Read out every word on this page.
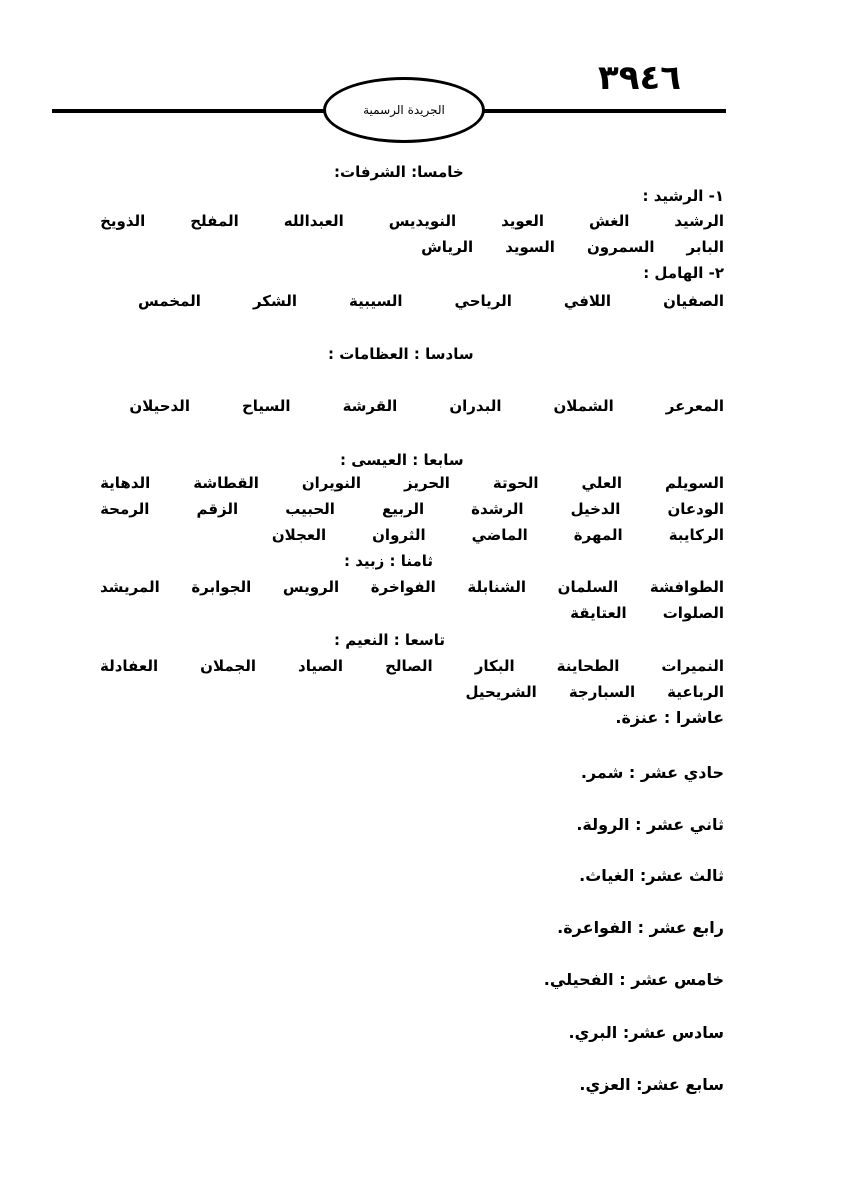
٣٩٤٦
الجريدة الرسمية
خامسا: الشرفات:
١- الرشيد :
الرشيد
الغش
العويد
النويديس
العبدالله
المفلح
الذويخ
البابر
السمرون
السويد
الرياش
٢- الهامل :
الصفيان
اللافي
الرياحي
السيبية
الشكر
المخمس
سادسا : العظامات :
المعرعر
الشملان
البدران
القرشة
السياح
الدحيلان
سابعا : العيسى :
السويلم
العلي
الحوتة
الحريز
النويران
القطاشة
الدهاية
الودعان
الدخيل
الرشدة
الربيع
الحبيب
الزقم
الرمحة
الركايبة
المهرة
الماضي
الثروان
العجلان
ثامنا : زبيد :
الطوافشة
السلمان
الشنابلة
الفواخرة
الرويس
الجوابرة
المريشد
الصلوات
العتايقة
تاسعا : النعيم :
النميرات
الطحاينة
البكار
الصالح
الصياد
الجملان
العفادلة
الرباعية
السبارجة
الشريحيل
عاشرا : عنزة.
حادي عشر : شمر.
ثاني عشر : الرولة.
ثالث عشر: الغياث.
رابع عشر : الفواعرة.
خامس عشر : الفحيلي.
سادس عشر: البري.
سابع عشر: العزي.
